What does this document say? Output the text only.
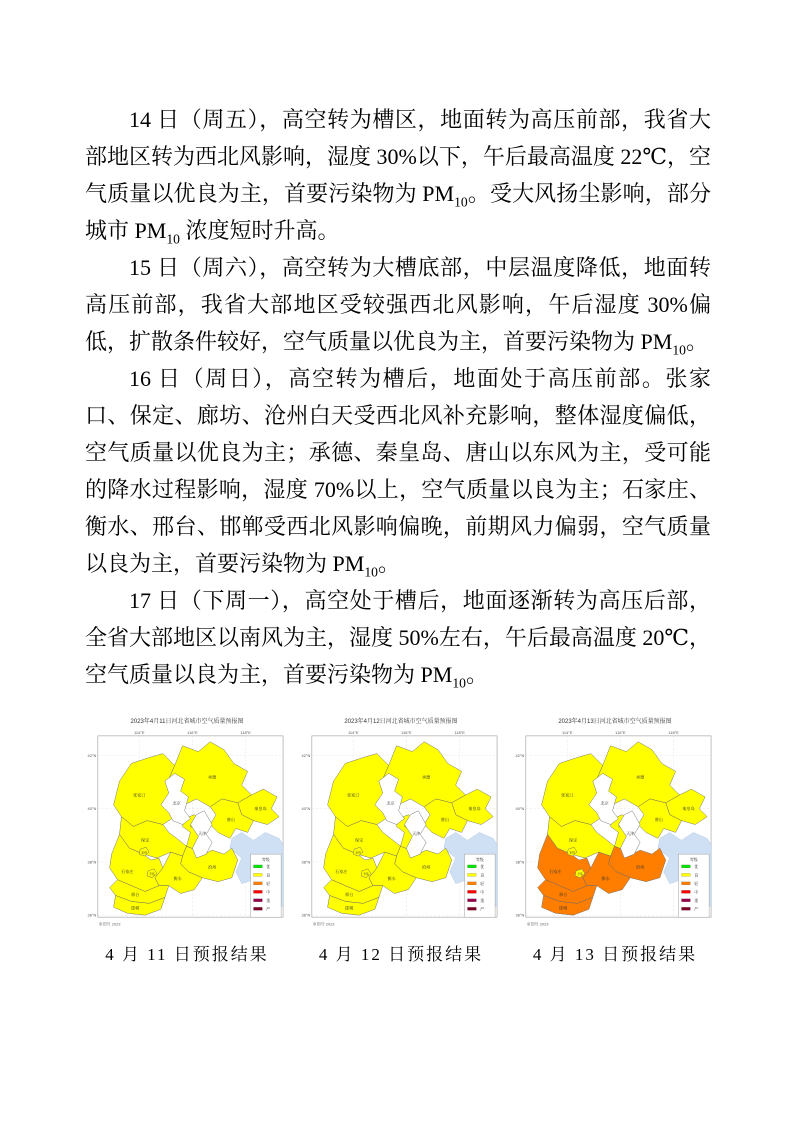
14 日（周五），高空转为槽区，地面转为高压前部，我省大部地区转为西北风影响，湿度 30%以下，午后最高温度 22℃，空气质量以优良为主，首要污染物为 $PM_{10}$。受大风扬尘影响，部分城市 $PM_{10}$ 浓度短时升高。

15 日（周六），高空转为大槽底部，中层温度降低，地面转高压前部，我省大部地区受较强西北风影响，午后湿度 30%偏低，扩散条件较好，空气质量以优良为主，首要污染物为 $PM_{10}$。

16 日（周日），高空转为槽后，地面处于高压前部。张家口、保定、廊坊、沧州白天受西北风补充影响，整体湿度偏低，空气质量以优良为主；承德、秦皇岛、唐山以东风为主，受可能的降水过程影响，湿度 70%以上，空气质量以良为主；石家庄、衡水、邢台、邯郸受西北风影响偏晚，前期风力偏弱，空气质量以良为主，首要污染物为 $PM_{10}$。

17 日（下周一），高空处于槽后，地面逐渐转为高压后部，全省大部地区以南风为主，湿度 50%左右，午后最高温度 20℃，空气质量以良为主，首要污染物为 $PM_{10}$。

2023年4月11日河北省城市空气质量预报图
114°E	116°E	118°E
42°N
40°N
38°N
36°N
张家口
承德
秦皇岛
唐山
保定
沧州
石家庄
衡水
邢台
邯郸
北京
天津
定州
辛集
等级
优
良
轻
中
重
严
审图号 2023
4 月 11 日预报结果
2023年4月12日河北省城市空气质量预报图
114°E	116°E	118°E
42°N
40°N
38°N
36°N
张家口
承德
秦皇岛
唐山
保定
沧州
石家庄
衡水
邢台
邯郸
北京
天津
定州
辛集
等级
优
良
轻
中
重
严
审图号 2023
4 月 12 日预报结果
2023年4月13日河北省城市空气质量预报图
114°E	116°E	118°E
42°N
40°N
38°N
36°N
张家口
承德
秦皇岛
唐山
保定
沧州
石家庄
衡水
邢台
邯郸
北京
天津
定州
辛集
等级
优
良
轻
中
重
严
审图号 2023
4 月 13 日预报结果
